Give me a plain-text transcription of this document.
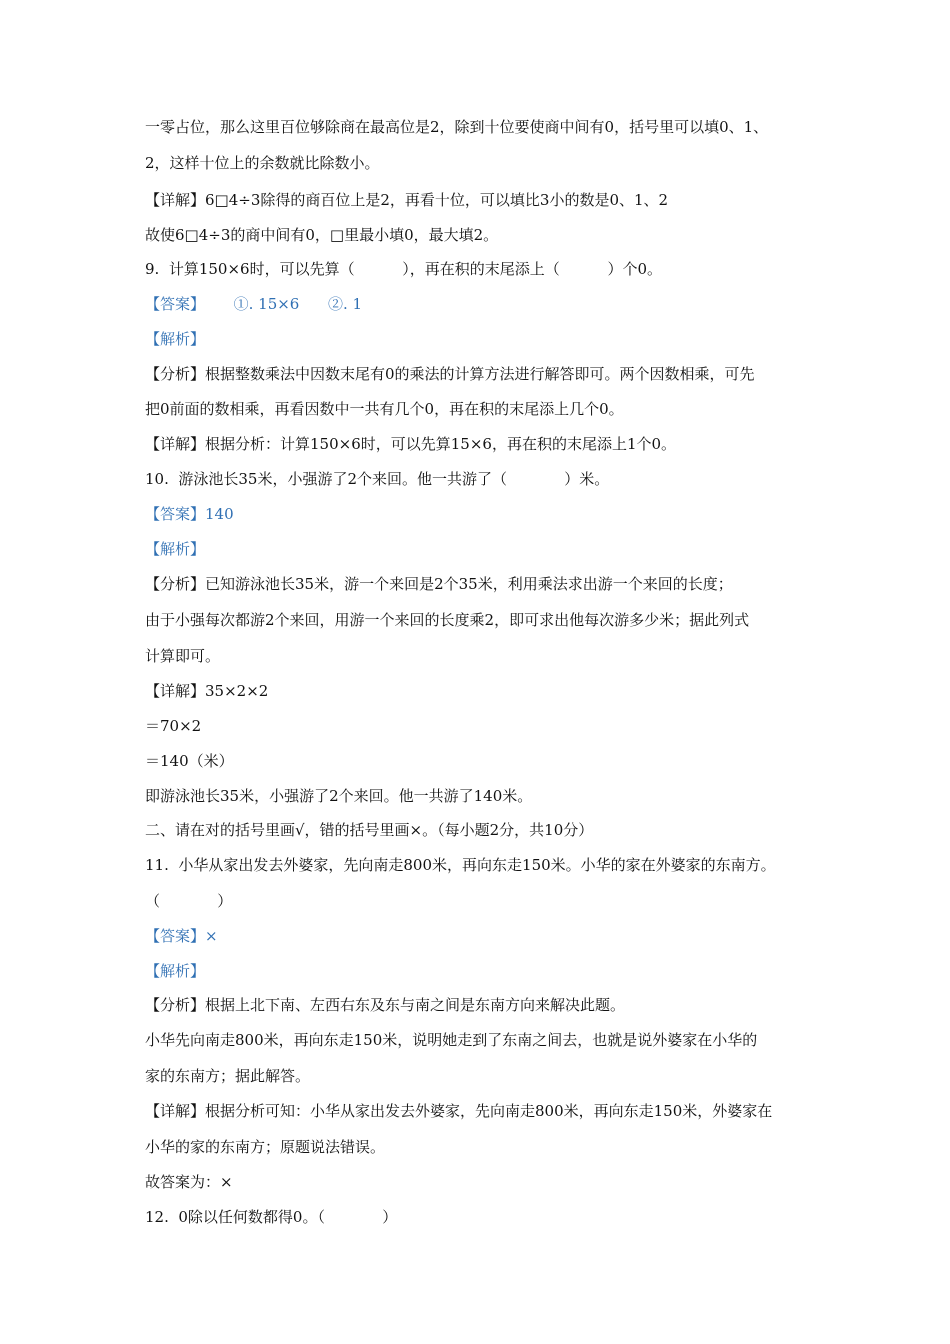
一零占位，那么这里百位够除商在最高位是2，除到十位要使商中间有0，括号里可以填0、1、
2，这样十位上的余数就比除数小。
【详解】6□4÷3除得的商百位上是2，再看十位，可以填比3小的数是0、1、2
故使6□4÷3的商中间有0，□里最小填0，最大填2。
9.  计算150×6时，可以先算（          ），再在积的末尾添上（          ）个0。
【答案】      ①. 15×6      ②. 1
【解析】
【分析】根据整数乘法中因数末尾有0的乘法的计算方法进行解答即可。两个因数相乘，可先
把0前面的数相乘，再看因数中一共有几个0，再在积的末尾添上几个0。
【详解】根据分析：计算150×6时，可以先算15×6，再在积的末尾添上1个0。
10.  游泳池长35米，小强游了2个来回。他一共游了（            ）米。
【答案】140
【解析】
【分析】已知游泳池长35米，游一个来回是2个35米，利用乘法求出游一个来回的长度；
由于小强每次都游2个来回，用游一个来回的长度乘2，即可求出他每次游多少米；据此列式
计算即可。
【详解】35×2×2
＝70×2
＝140（米）
即游泳池长35米，小强游了2个来回。他一共游了140米。
二、请在对的括号里画√，错的括号里画×。（每小题2分，共10分）
11.  小华从家出发去外婆家，先向南走800米，再向东走150米。小华的家在外婆家的东南方。
（            ）
【答案】×
【解析】
【分析】根据上北下南、左西右东及东与南之间是东南方向来解决此题。
小华先向南走800米，再向东走150米，说明她走到了东南之间去，也就是说外婆家在小华的
家的东南方；据此解答。
【详解】根据分析可知：小华从家出发去外婆家，先向南走800米，再向东走150米，外婆家在
小华的家的东南方；原题说法错误。
故答案为：×
12.  0除以任何数都得0。（            ）
